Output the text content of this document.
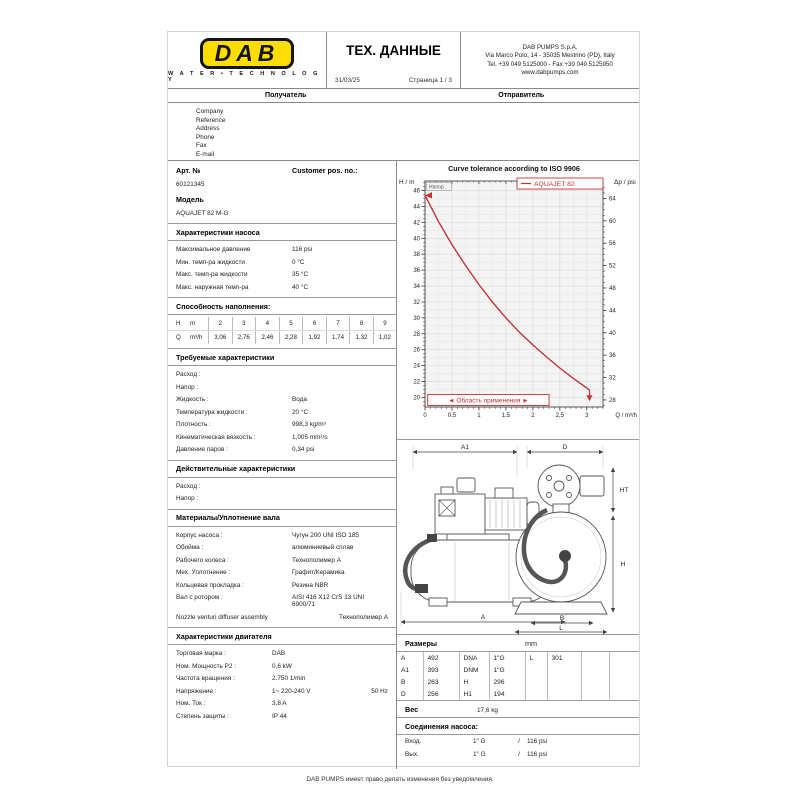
DAB
W A T E R • T E C H N O L O G Y
ТЕХ. ДАННЫЕ
31/03/25	Страница 1 / 3
DAB PUMPS S.p.A.
Via Marco Polo, 14 - 35035 Mestrino (PD), Italy
Tel. +39 049 5125000 - Fax +39 049 5125950
www.dabpumps.com
Получатель	Отправитель
Company
Reference
Address
Phone
Fax
E-mail
Арт. №	Customer pos. no.:
60121345
Модель
AQUAJET 82 M-G
Характеристики насоса
Максимальное давление	116 psi
Мин. темп-ра жидкости	0 °C
Макс. темп-ра жидкости	35 °C
Макс. наружная темп-ра	40 °C
Способность наполнения:
H	m	2	3	4	5	6	7	8	9
Q	m³/h	3,06	2,76	2,46	2,28	1,92	1,74	1,32	1,02
Требуемые характеристики
Расход :
Напор :
Жидкость :	Вода
Температура жидкости :	20 °C
Плотность :	998,3 kg/m³
Кинематическая вязкость :	1,005 mm²/s
Давление паров :	0,34 psi
Действительные характеристики
Расход :
Напор :
Материалы/Уплотнение вала
Корпус насоса :	Чугун 200 UNI ISO 185
Обойма :	алюминиевый сплав
Рабочего колеса :	Технополимер A
Мех. Уплотнение :	Графит/Керамика
Кольцевая прокладка :	Резина NBR
Вал с ротором :	AISI 416 X12 CrS 13 UNI 6900/71
Nozzle venturi diffuser assembly	Технополимер A
Характеристики двигателя
Торговая марка :	DAB
Ном. Мощность P2 :	0,6 kW
Частота вращения :	2.750 1/min
Напряжение :	1~ 220-240 V	50 Hz
Ном. Ток :	3,8 A
Степень защиты :	IP 44
Curve tolerance according to ISO 9906
0	0,5	1	1,5	2	2,5	3
20
22
24
26
28
30
32
34
36
38
40
42
44
46
28
32
36
40
44
48
52
56
60
64
H / m	Δp / psi
Q / m³/h
Напор
◄ Область применения ►
AQUAJET 82
A1
A
D
HT
H
B
L
Размеры	mm
A	492	DNA	1"G	L	301		
A1	393	DNM	1"G				
B	263	H	296				
D	256	H1	194				
Вес	17,6 kg
Соединения насоса:
Вход.	1" G	/	116 psi
Вых.	1" G	/	116 psi
DAB PUMPS имеет право делать изменения без уведомления.
